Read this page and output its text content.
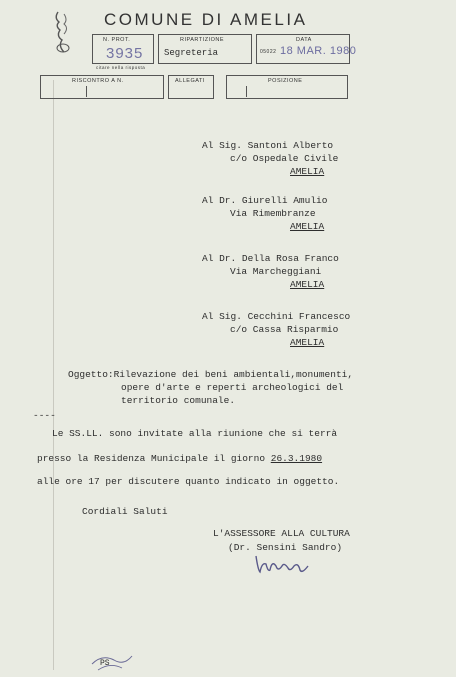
COMUNE DI AMELIA
N. PROT.
3935
citare nella risposta
RIPARTIZIONE
Segreteria
DATA
05022 18 MAR. 1980
RISCONTRO A N.	ALLEGATI	POSIZIONE
Al Sig. Santoni Alberto
c/o Ospedale Civile
AMELIA
Al Dr. Giurelli Amulio
Via Rimembranze
AMELIA
Al Dr. Della Rosa Franco
Via Marcheggiani
AMELIA
Al Sig. Cecchini Francesco
c/o Cassa Risparmio
AMELIA
Oggetto:Rilevazione dei beni ambientali,monumenti,
opere d'arte e reperti archeologici del
territorio comunale.
----
Le SS.LL. sono invitate alla riunione che si terrà
presso la Residenza Municipale il giorno 26.3.1980
alle ore 17 per discutere quanto indicato in oggetto.
Cordiali Saluti
L'ASSESSORE ALLA CULTURA
(Dr. Sensini Sandro)
PS
